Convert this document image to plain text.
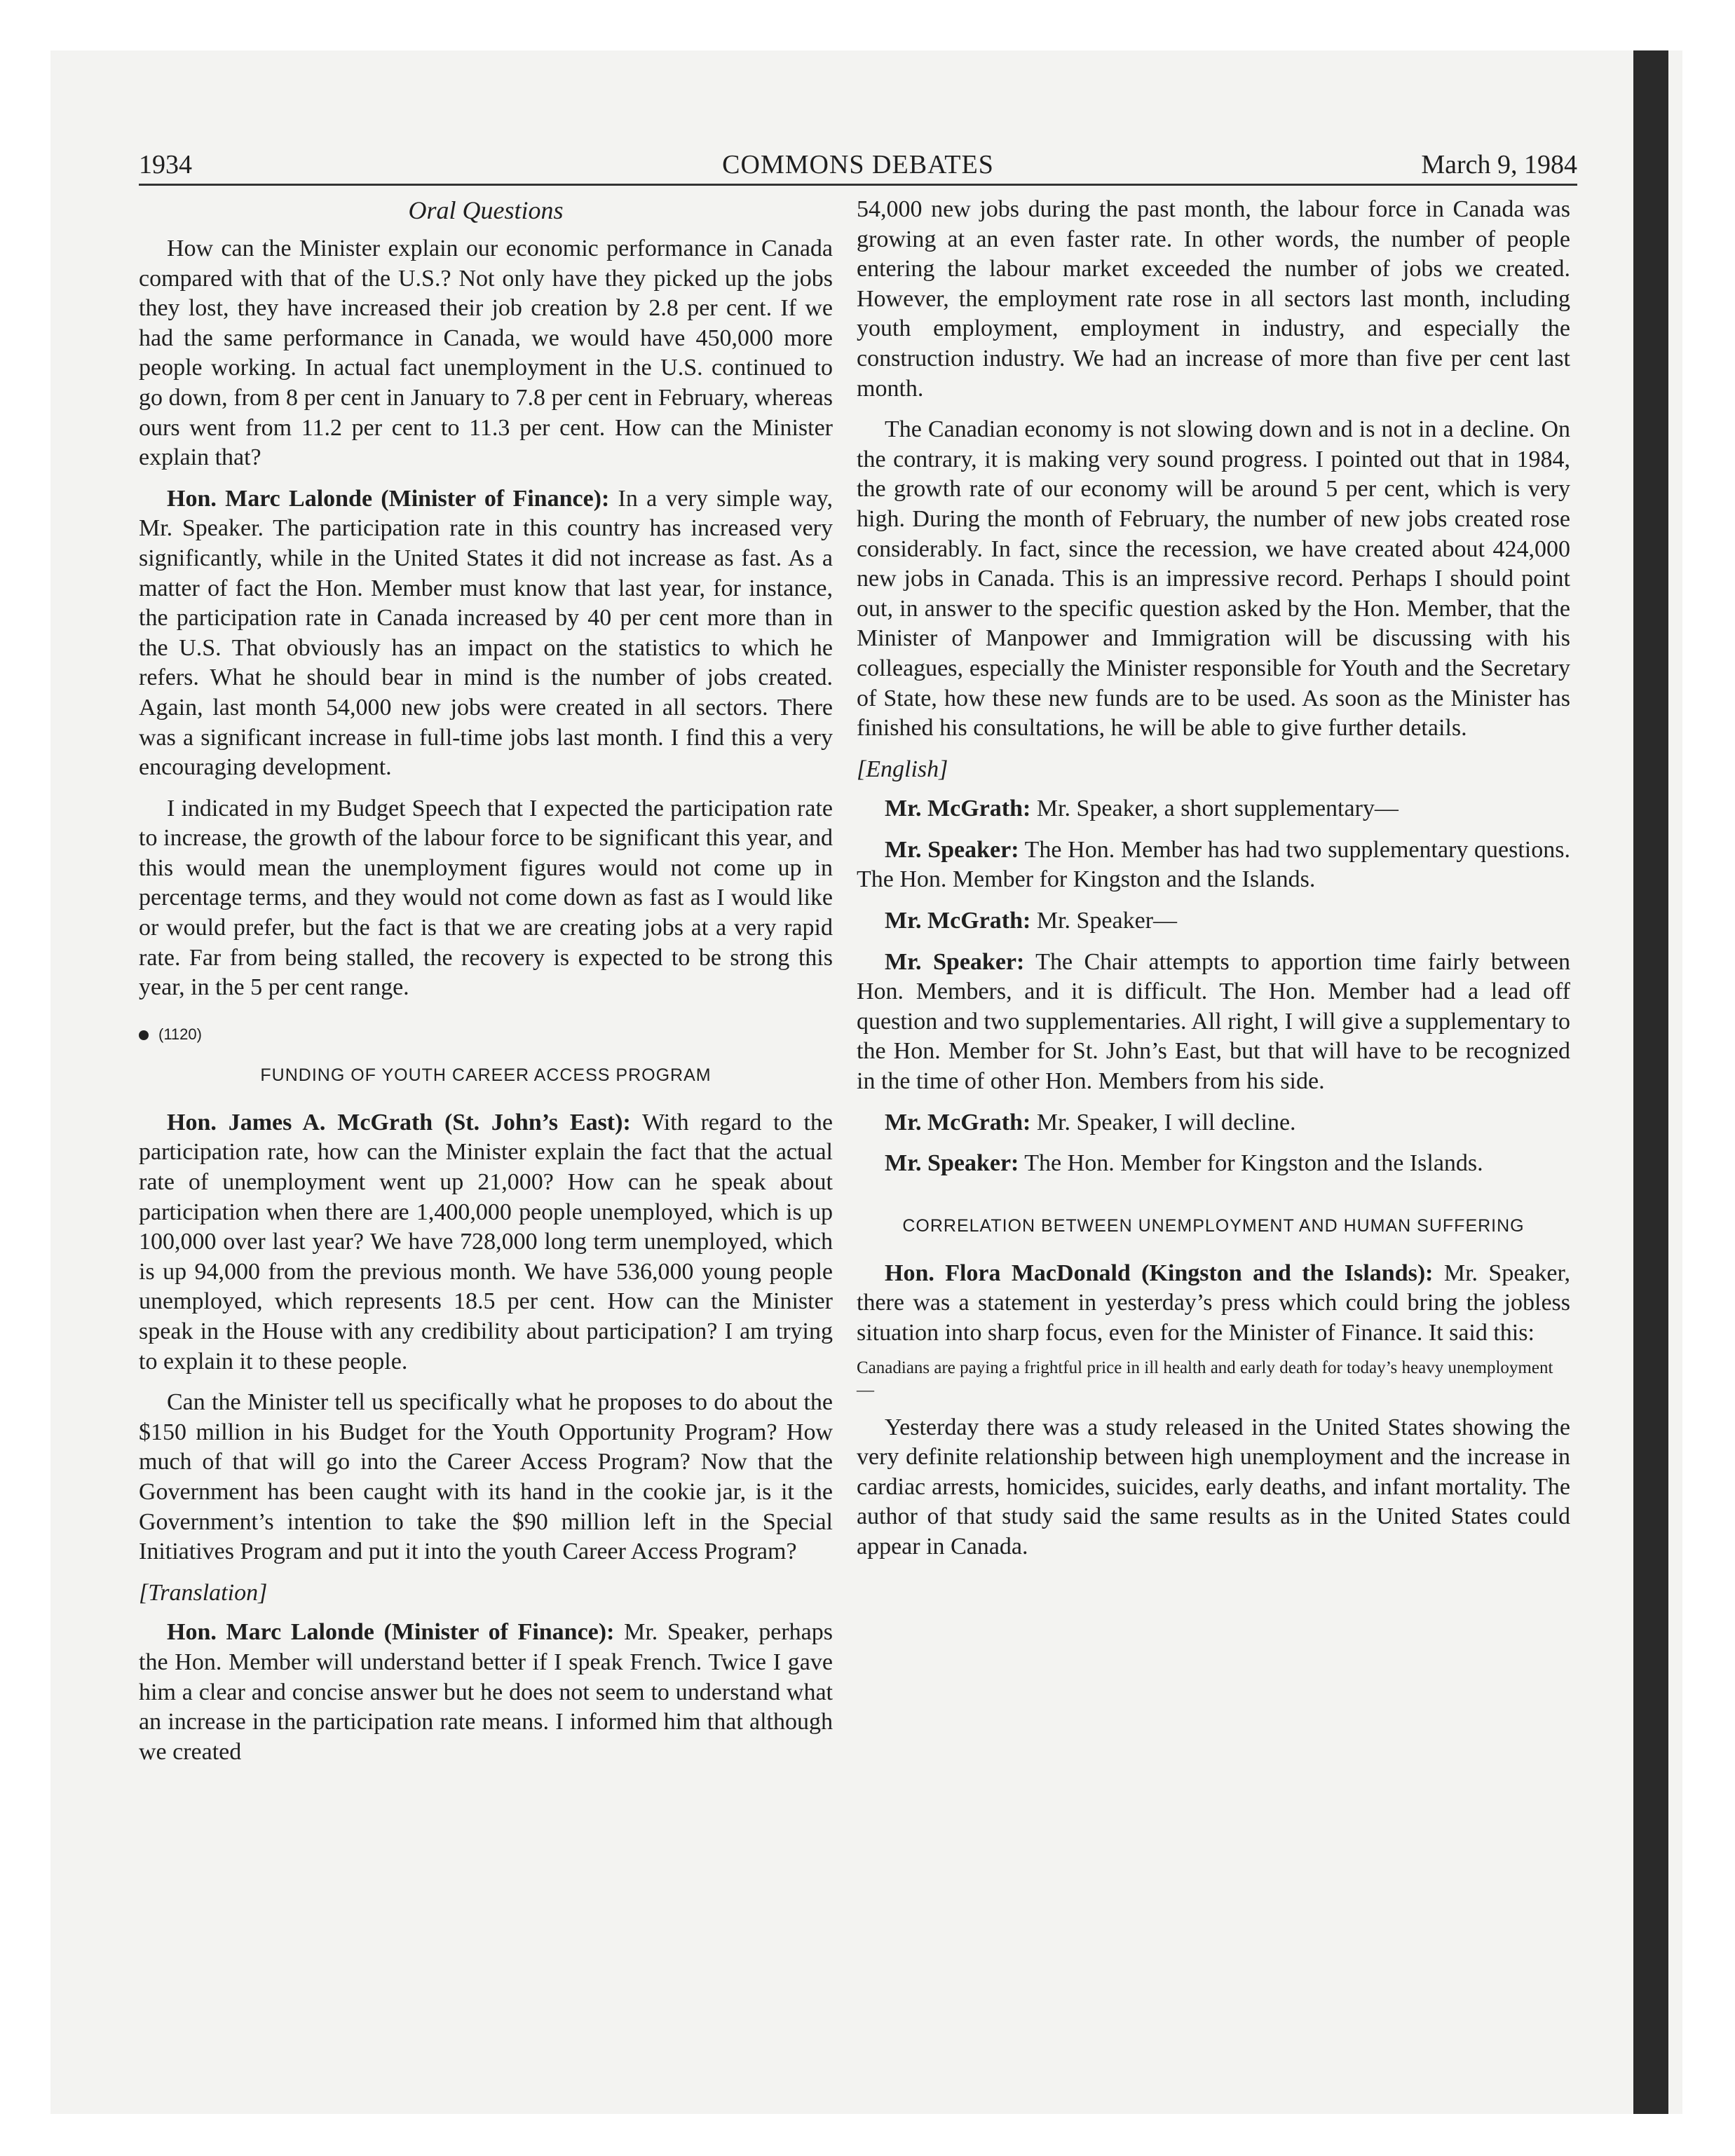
1934	COMMONS DEBATES	March 9, 1984
Oral Questions

How can the Minister explain our economic performance in Canada compared with that of the U.S.? Not only have they picked up the jobs they lost, they have increased their job creation by 2.8 per cent. If we had the same performance in Canada, we would have 450,000 more people working. In actual fact unemployment in the U.S. continued to go down, from 8 per cent in January to 7.8 per cent in February, whereas ours went from 11.2 per cent to 11.3 per cent. How can the Minister explain that?

Hon. Marc Lalonde (Minister of Finance): In a very simple way, Mr. Speaker. The participation rate in this country has increased very significantly, while in the United States it did not increase as fast. As a matter of fact the Hon. Member must know that last year, for instance, the participation rate in Canada increased by 40 per cent more than in the U.S. That obviously has an impact on the statistics to which he refers. What he should bear in mind is the number of jobs created. Again, last month 54,000 new jobs were created in all sectors. There was a significant increase in full-time jobs last month. I find this a very encouraging development.

I indicated in my Budget Speech that I expected the participation rate to increase, the growth of the labour force to be significant this year, and this would mean the unemployment figures would not come up in percentage terms, and they would not come down as fast as I would like or would prefer, but the fact is that we are creating jobs at a very rapid rate. Far from being stalled, the recovery is expected to be strong this year, in the 5 per cent range.

(1120)
FUNDING OF YOUTH CAREER ACCESS PROGRAM

Hon. James A. McGrath (St. John’s East): With regard to the participation rate, how can the Minister explain the fact that the actual rate of unemployment went up 21,000? How can he speak about participation when there are 1,400,000 people unemployed, which is up 100,000 over last year? We have 728,000 long term unemployed, which is up 94,000 from the previous month. We have 536,000 young people unemployed, which represents 18.5 per cent. How can the Minister speak in the House with any credibility about participation? I am trying to explain it to these people.

Can the Minister tell us specifically what he proposes to do about the $150 million in his Budget for the Youth Opportunity Program? How much of that will go into the Career Access Program? Now that the Government has been caught with its hand in the cookie jar, is it the Government’s intention to take the $90 million left in the Special Initiatives Program and put it into the youth Career Access Program?

[Translation]

Hon. Marc Lalonde (Minister of Finance): Mr. Speaker, perhaps the Hon. Member will understand better if I speak French. Twice I gave him a clear and concise answer but he does not seem to understand what an increase in the participation rate means. I informed him that although we created

54,000 new jobs during the past month, the labour force in Canada was growing at an even faster rate. In other words, the number of people entering the labour market exceeded the number of jobs we created. However, the employment rate rose in all sectors last month, including youth employment, employment in industry, and especially the construction industry. We had an increase of more than five per cent last month.

The Canadian economy is not slowing down and is not in a decline. On the contrary, it is making very sound progress. I pointed out that in 1984, the growth rate of our economy will be around 5 per cent, which is very high. During the month of February, the number of new jobs created rose considerably. In fact, since the recession, we have created about 424,000 new jobs in Canada. This is an impressive record. Perhaps I should point out, in answer to the specific question asked by the Hon. Member, that the Minister of Manpower and Immigration will be discussing with his colleagues, especially the Minister responsible for Youth and the Secretary of State, how these new funds are to be used. As soon as the Minister has finished his consultations, he will be able to give further details.

[English]

Mr. McGrath: Mr. Speaker, a short supplementary—

Mr. Speaker: The Hon. Member has had two supplementary questions. The Hon. Member for Kingston and the Islands.

Mr. McGrath: Mr. Speaker—

Mr. Speaker: The Chair attempts to apportion time fairly between Hon. Members, and it is difficult. The Hon. Member had a lead off question and two supplementaries. All right, I will give a supplementary to the Hon. Member for St. John’s East, but that will have to be recognized in the time of other Hon. Members from his side.

Mr. McGrath: Mr. Speaker, I will decline.

Mr. Speaker: The Hon. Member for Kingston and the Islands.

CORRELATION BETWEEN UNEMPLOYMENT AND HUMAN SUFFERING

Hon. Flora MacDonald (Kingston and the Islands): Mr. Speaker, there was a statement in yesterday’s press which could bring the jobless situation into sharp focus, even for the Minister of Finance. It said this:

Canadians are paying a frightful price in ill health and early death for today’s heavy unemployment—

Yesterday there was a study released in the United States showing the very definite relationship between high unemployment and the increase in cardiac arrests, homicides, suicides, early deaths, and infant mortality. The author of that study said the same results as in the United States could appear in Canada.
